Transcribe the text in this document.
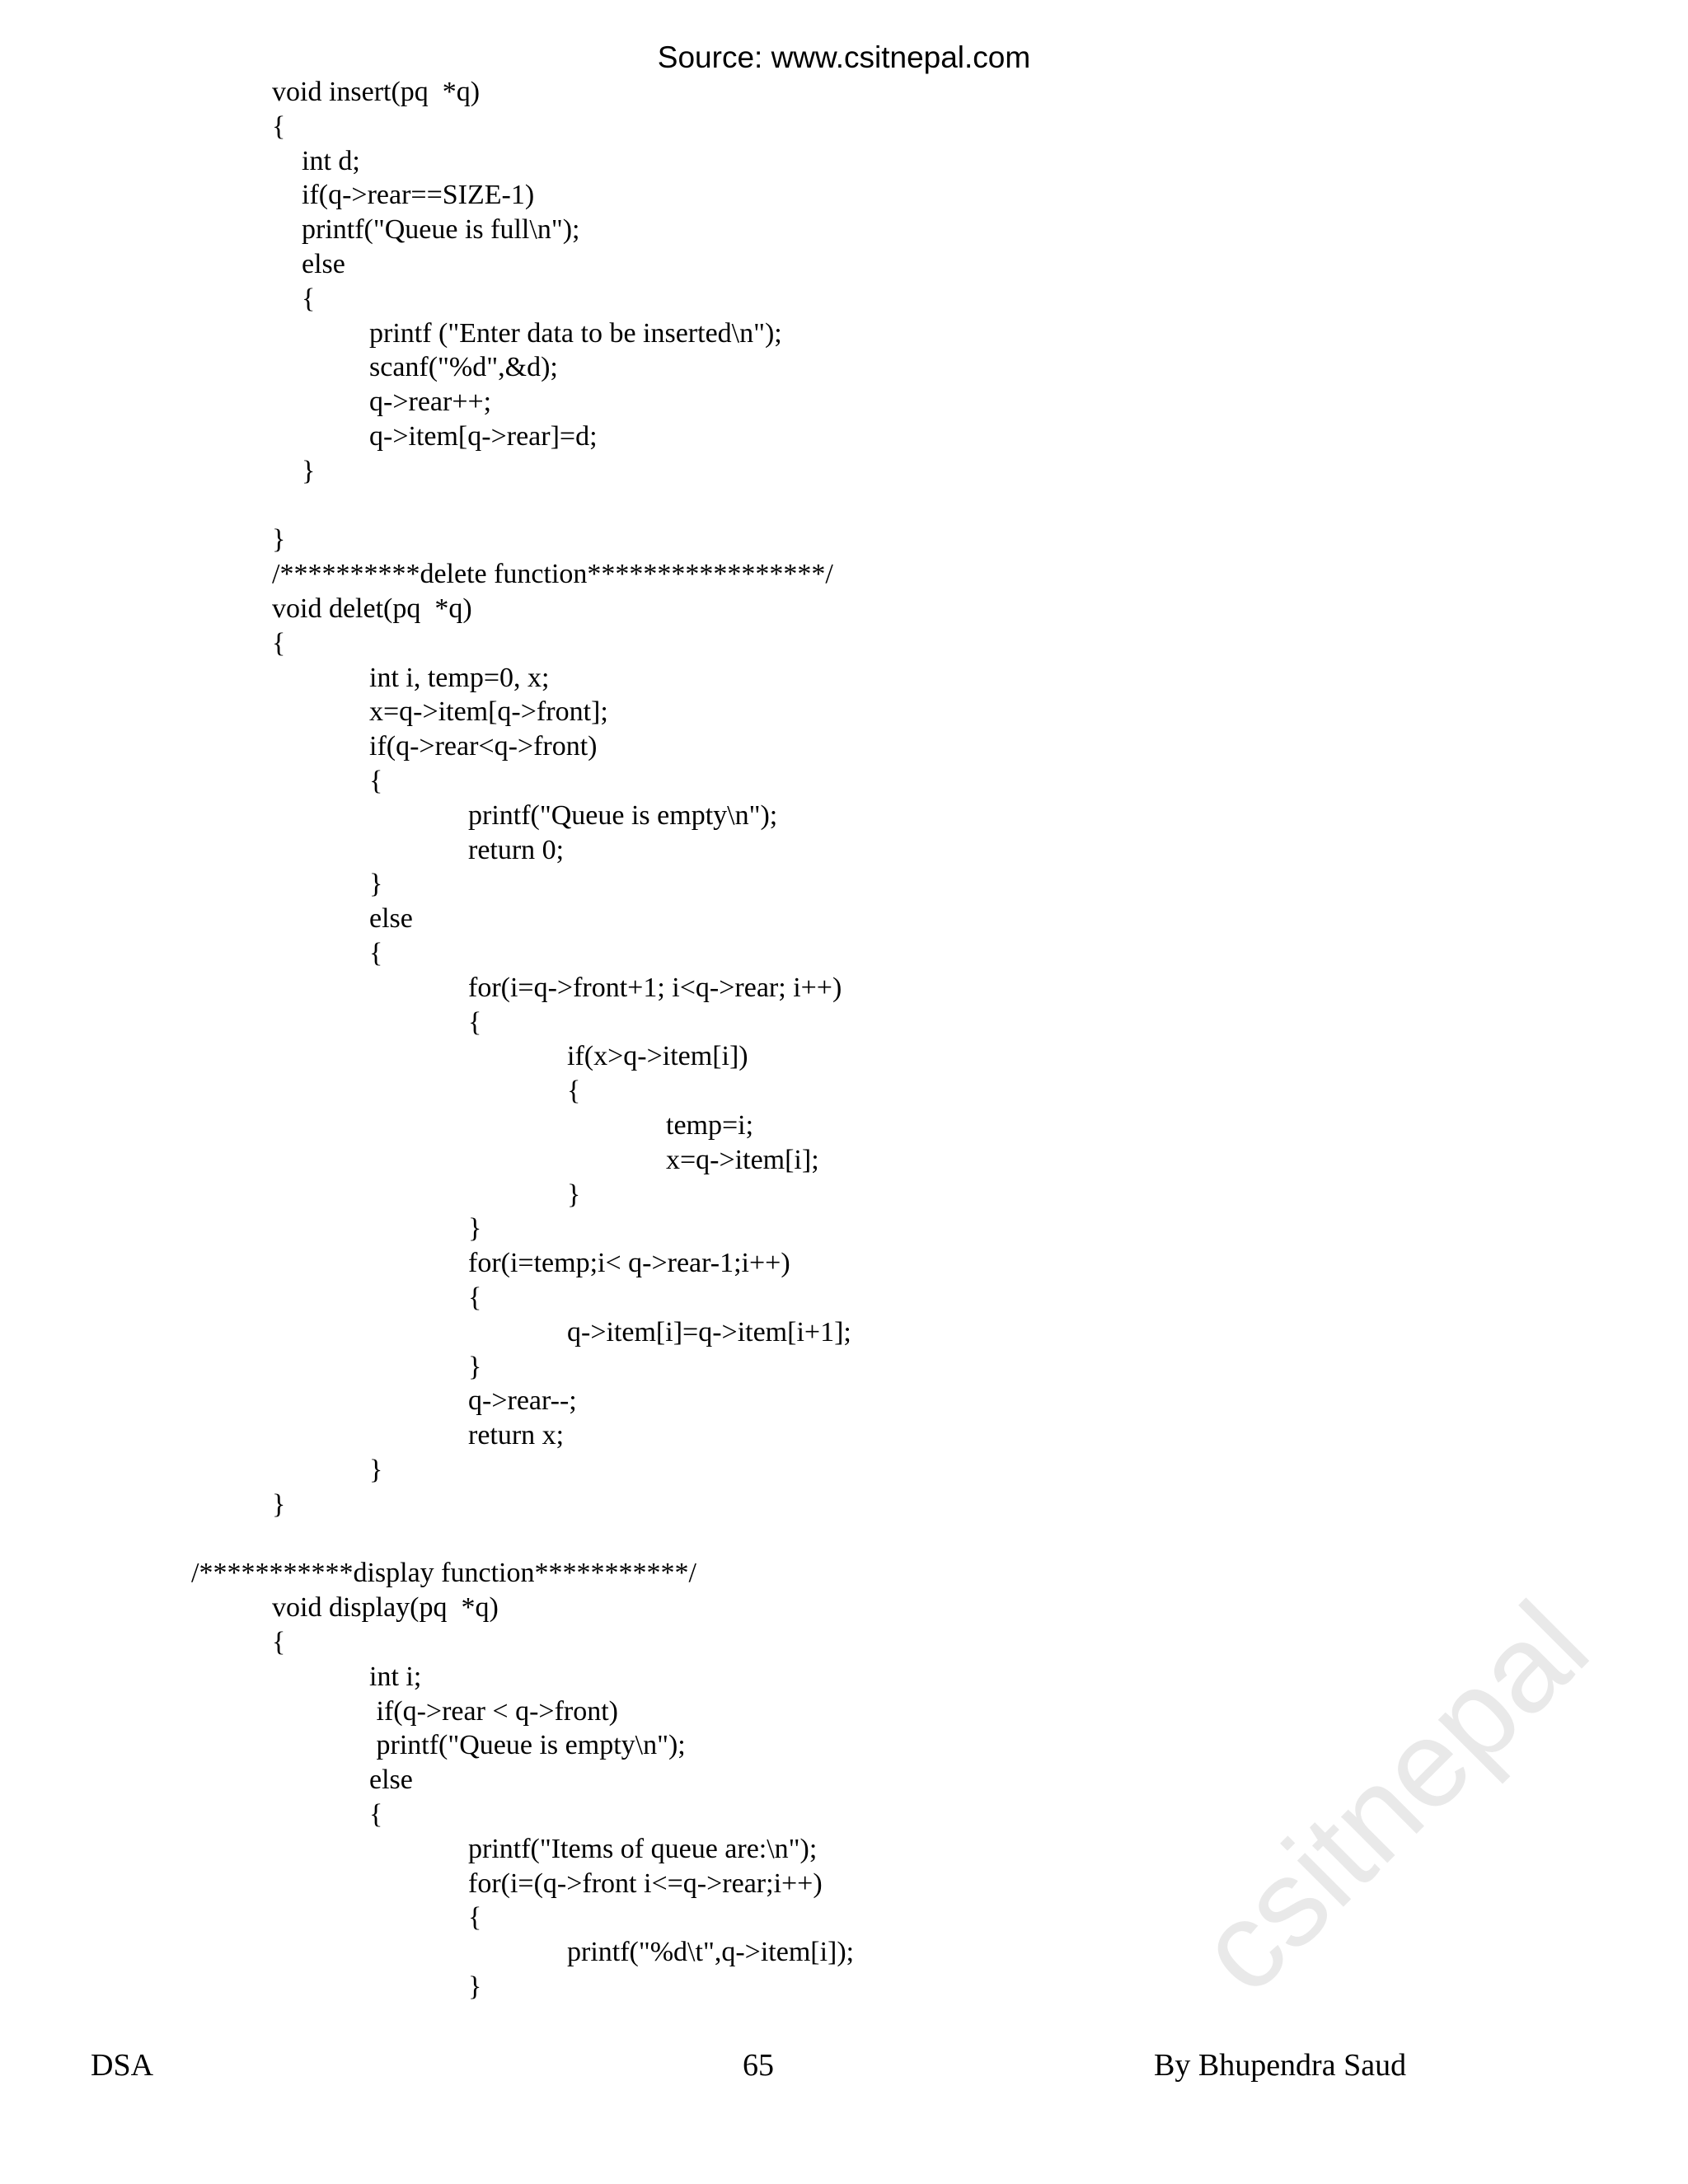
Source: www.csitnepal.com
void insert(pq  *q)
{
int d;
if(q->rear==SIZE-1)
printf("Queue is full\n");
else
{
printf ("Enter data to be inserted\n");
scanf("%d",&d);
q->rear++;
q->item[q->rear]=d;
}
}
/**********delete function*****************/
void delet(pq  *q)
{
int i, temp=0, x;
x=q->item[q->front];
if(q->rear<q->front)
{
printf("Queue is empty\n");
return 0;
}
else
{
for(i=q->front+1; i<q->rear; i++)
{
if(x>q->item[i])
{
temp=i;
x=q->item[i];
}
}
for(i=temp;i< q->rear-1;i++)
{
q->item[i]=q->item[i+1];
}
q->rear--;
return x;
}
}
/***********display function***********/
void display(pq  *q)
{
int i;
if(q->rear < q->front)
printf("Queue is empty\n");
else
{
printf("Items of queue are:\n");
for(i=(q->front i<=q->rear;i++)
{
printf("%d\t",q->item[i]);
}
DSA	65	By Bhupendra Saud
csitnepal
